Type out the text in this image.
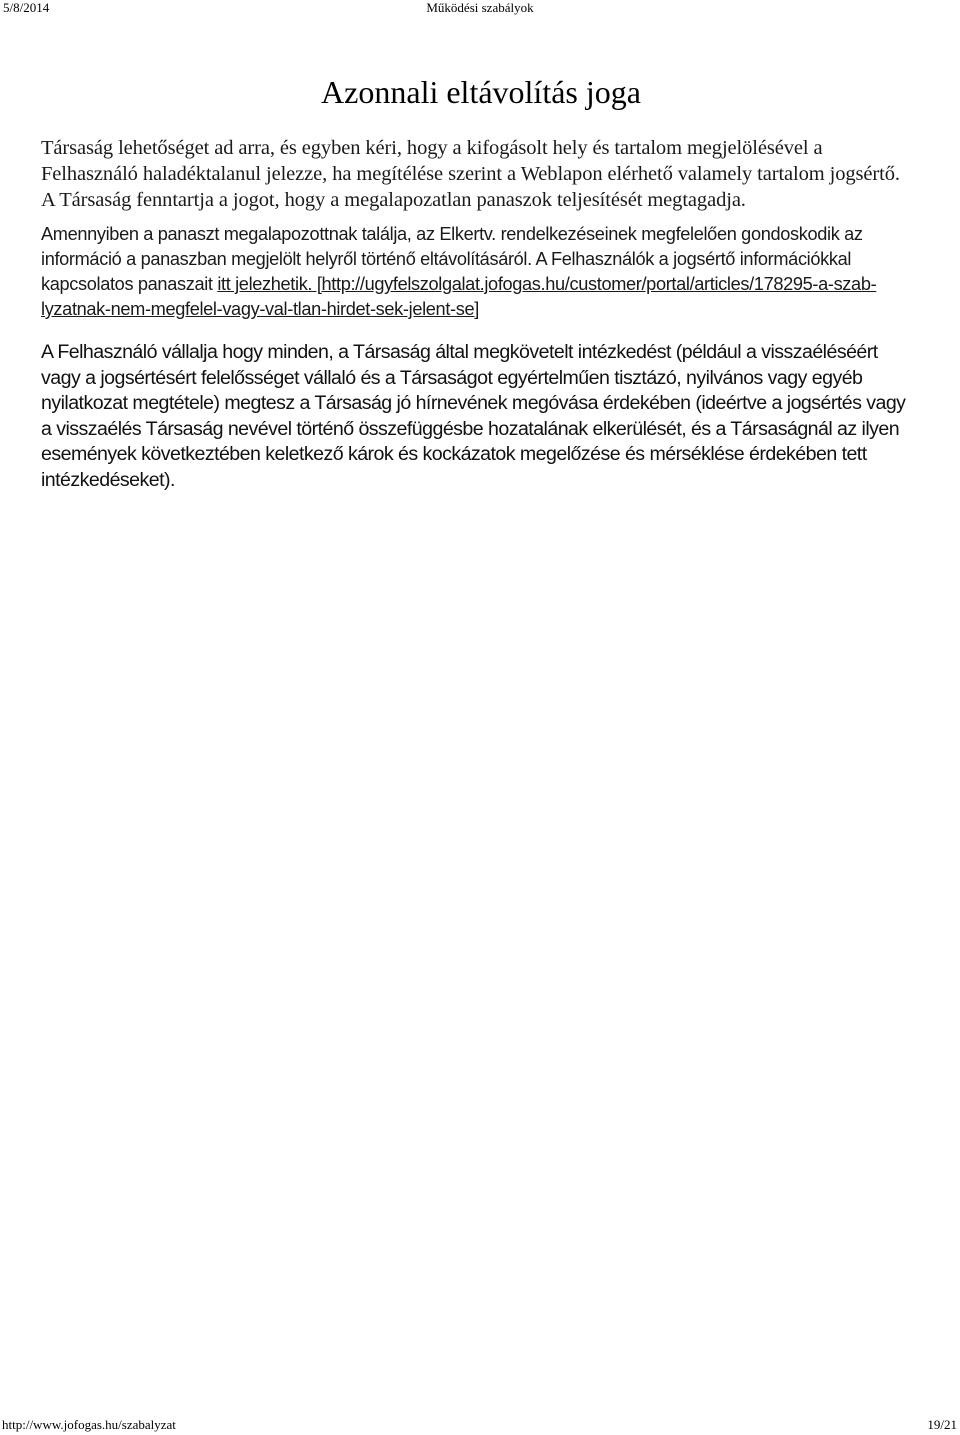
5/8/2014	Működési szabályok
Azonnali eltávolítás joga

Társaság lehetőséget ad arra, és egyben kéri, hogy a kifogásolt hely és tartalom megjelölésével a Felhasználó haladéktalanul jelezze, ha megítélése szerint a Weblapon elérhető valamely tartalom jogsértő. A Társaság fenntartja a jogot, hogy a megalapozatlan panaszok teljesítését megtagadja.

Amennyiben a panaszt megalapozottnak találja, az Elkertv. rendelkezéseinek megfelelően gondoskodik az információ a panaszban megjelölt helyről történő eltávolításáról. A Felhasználók a jogsértő információkkal kapcsolatos panaszait itt jelezhetik. [http://ugyfelszolgalat.jofogas.hu/customer/portal/articles/178295-a-szab-lyzatnak-nem-megfelel-vagy-val-tlan-hirdet-sek-jelent-se]

A Felhasználó vállalja hogy minden, a Társaság által megkövetelt intézkedést (például a visszaéléséért vagy a jogsértésért felelősséget vállaló és a Társaságot egyértelműen tisztázó, nyilvános vagy egyéb nyilatkozat megtétele) megtesz a Társaság jó hírnevének megóvása érdekében (ideértve a jogsértés vagy a visszaélés Társaság nevével történő összefüggésbe hozatalának elkerülését, és a Társaságnál az ilyen események következtében keletkező károk és kockázatok megelőzése és mérséklése érdekében tett intézkedéseket).

http://www.jofogas.hu/szabalyzat	19/21
